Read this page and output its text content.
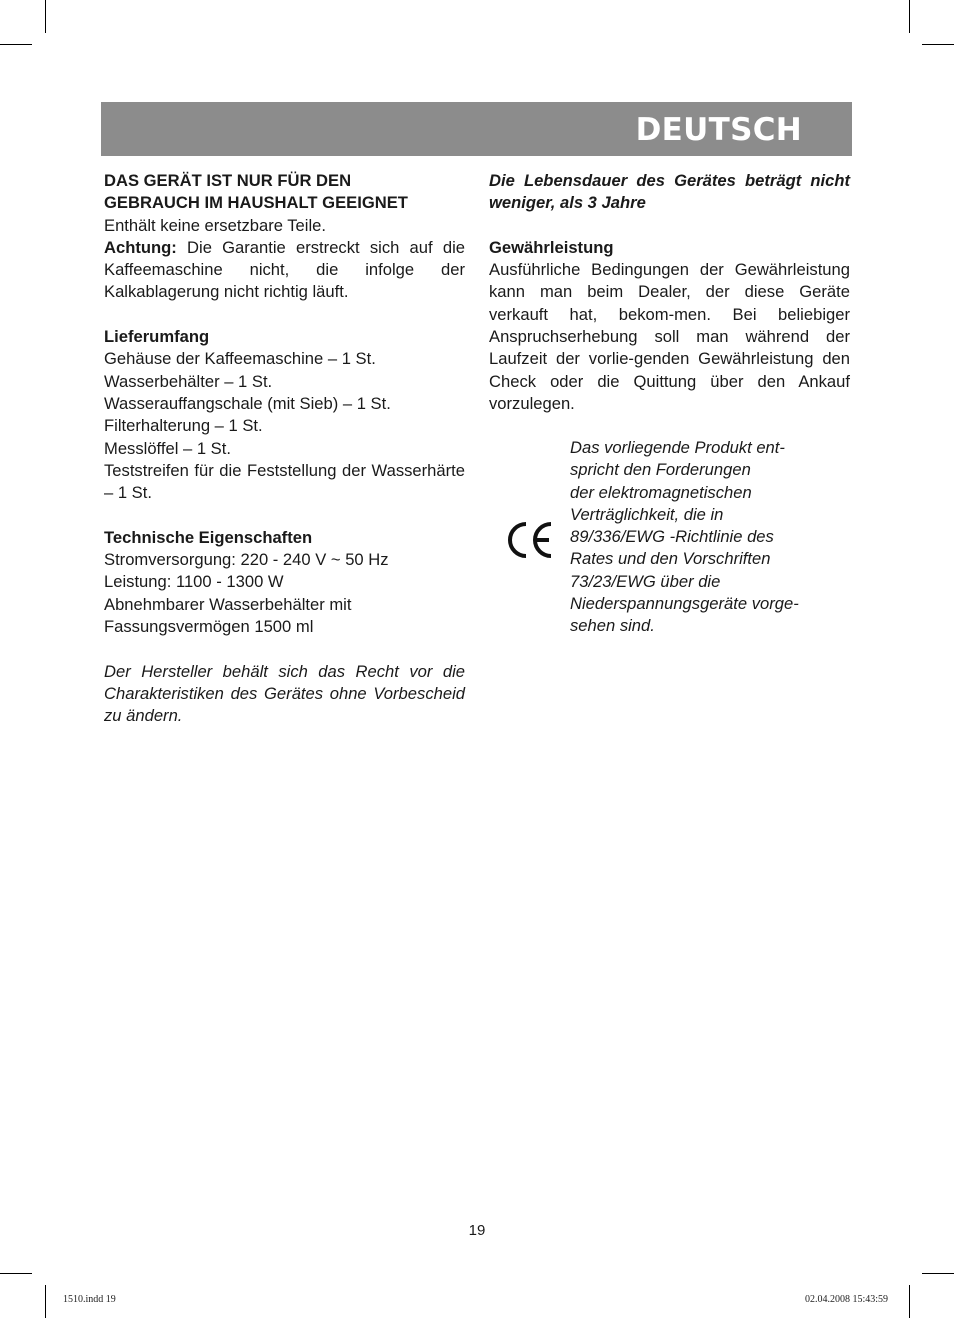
DEUTSCH
DAS GERÄT IST NUR FÜR DEN
GEBRAUCH IM HAUSHALT GEEIGNET
Enthält keine ersetzbare Teile.
Achtung: Die Garantie erstreckt sich auf die Kaffeemaschine nicht, die infolge der Kalkablagerung nicht richtig läuft.
Lieferumfang
Gehäuse der Kaffeemaschine – 1 St.
Wasserbehälter – 1 St.
Wasserauffangschale (mit Sieb) – 1 St.
Filterhalterung – 1 St.
Messlöffel – 1 St.
Teststreifen für die Feststellung der Wasserhärte – 1 St.
Technische Eigenschaften
Stromversorgung: 220 - 240 V ~ 50 Hz
Leistung: 1100 - 1300 W
Abnehmbarer Wasserbehälter mit
Fassungsvermögen 1500 ml
Der Hersteller behält sich das Recht vor die Charakteristiken des Gerätes ohne Vorbescheid zu ändern.
Die Lebensdauer des Gerätes beträgt nicht weniger, als 3 Jahre
Gewährleistung
Ausführliche Bedingungen der Gewährleistung kann man beim Dealer, der diese Geräte verkauft hat, bekom-men. Bei beliebiger Anspruchserhebung soll man während der Laufzeit der vorlie-genden Gewährleistung den Check oder die Quittung über den Ankauf vorzulegen.
Das vorliegende Produkt ent-
spricht den Forderungen
der elektromagnetischen
Verträglichkeit, die in
89/336/EWG -Richtlinie des
Rates und den Vorschriften
73/23/EWG über die
Niederspannungsgeräte vorge-
sehen sind.
19
1510.indd 19	02.04.2008 15:43:59
